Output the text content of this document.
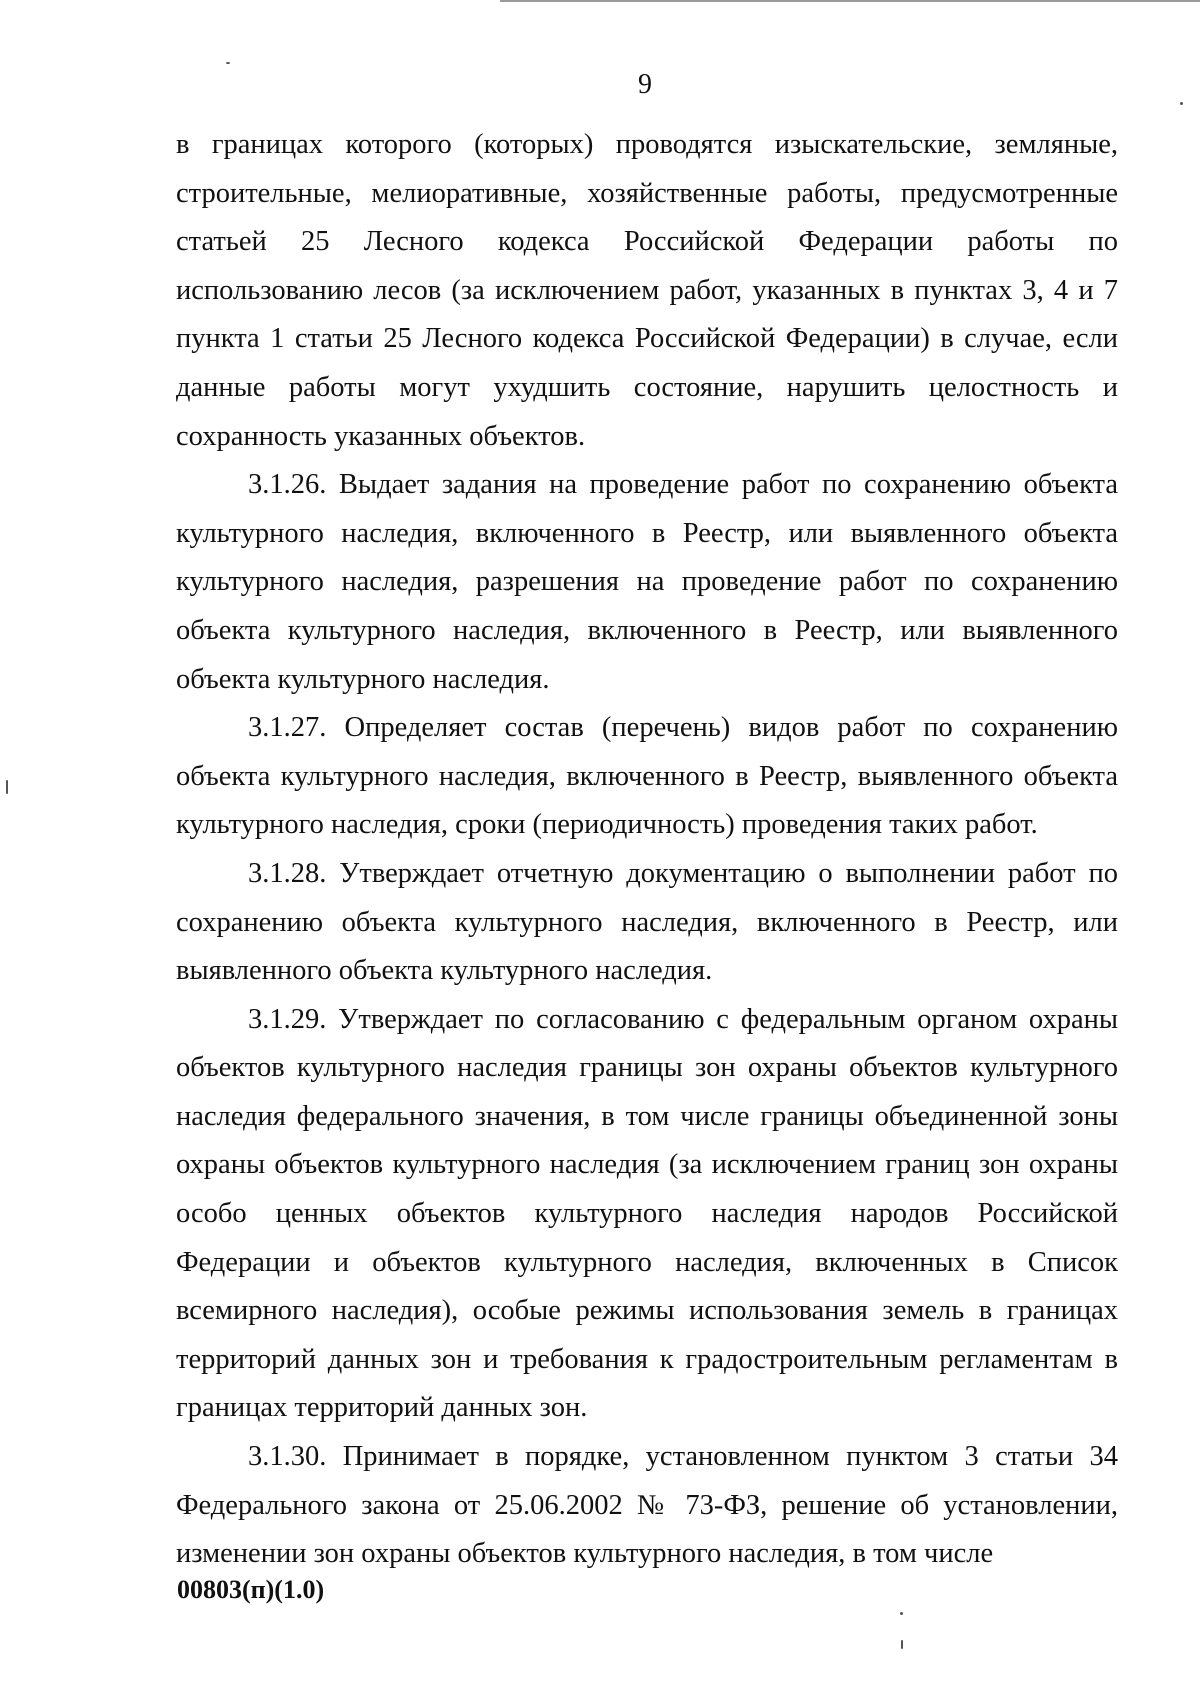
9

в границах которого (которых) проводятся изыскательские, земляные, строительные, мелиоративные, хозяйственные работы, предусмотренные статьей 25 Лесного кодекса Российской Федерации работы по использованию лесов (за исключением работ, указанных в пунктах 3, 4 и 7 пункта 1 статьи 25 Лесного кодекса Российской Федерации) в случае, если данные работы могут ухудшить состояние, нарушить целостность и сохранность указанных объектов.

3.1.26. Выдает задания на проведение работ по сохранению объекта культурного наследия, включенного в Реестр, или выявленного объекта культурного наследия, разрешения на проведение работ по сохранению объекта культурного наследия, включенного в Реестр, или выявленного объекта культурного наследия.

3.1.27. Определяет состав (перечень) видов работ по сохранению объекта культурного наследия, включенного в Реестр, выявленного объекта культурного наследия, сроки (периодичность) проведения таких работ.

3.1.28. Утверждает отчетную документацию о выполнении работ по сохранению объекта культурного наследия, включенного в Реестр, или выявленного объекта культурного наследия.

3.1.29. Утверждает по согласованию с федеральным органом охраны объектов культурного наследия границы зон охраны объектов культурного наследия федерального значения, в том числе границы объединенной зоны охраны объектов культурного наследия (за исключением границ зон охраны особо ценных объектов культурного наследия народов Российской Федерации и объектов культурного наследия, включенных в Список всемирного наследия), особые режимы использования земель в границах территорий данных зон и требования к градостроительным регламентам в границах территорий данных зон.

3.1.30. Принимает в порядке, установленном пунктом 3 статьи 34 Федерального закона от 25.06.2002 № 73-ФЗ, решение об установлении, изменении зон охраны объектов культурного наследия, в том числе

00803(п)(1.0)
